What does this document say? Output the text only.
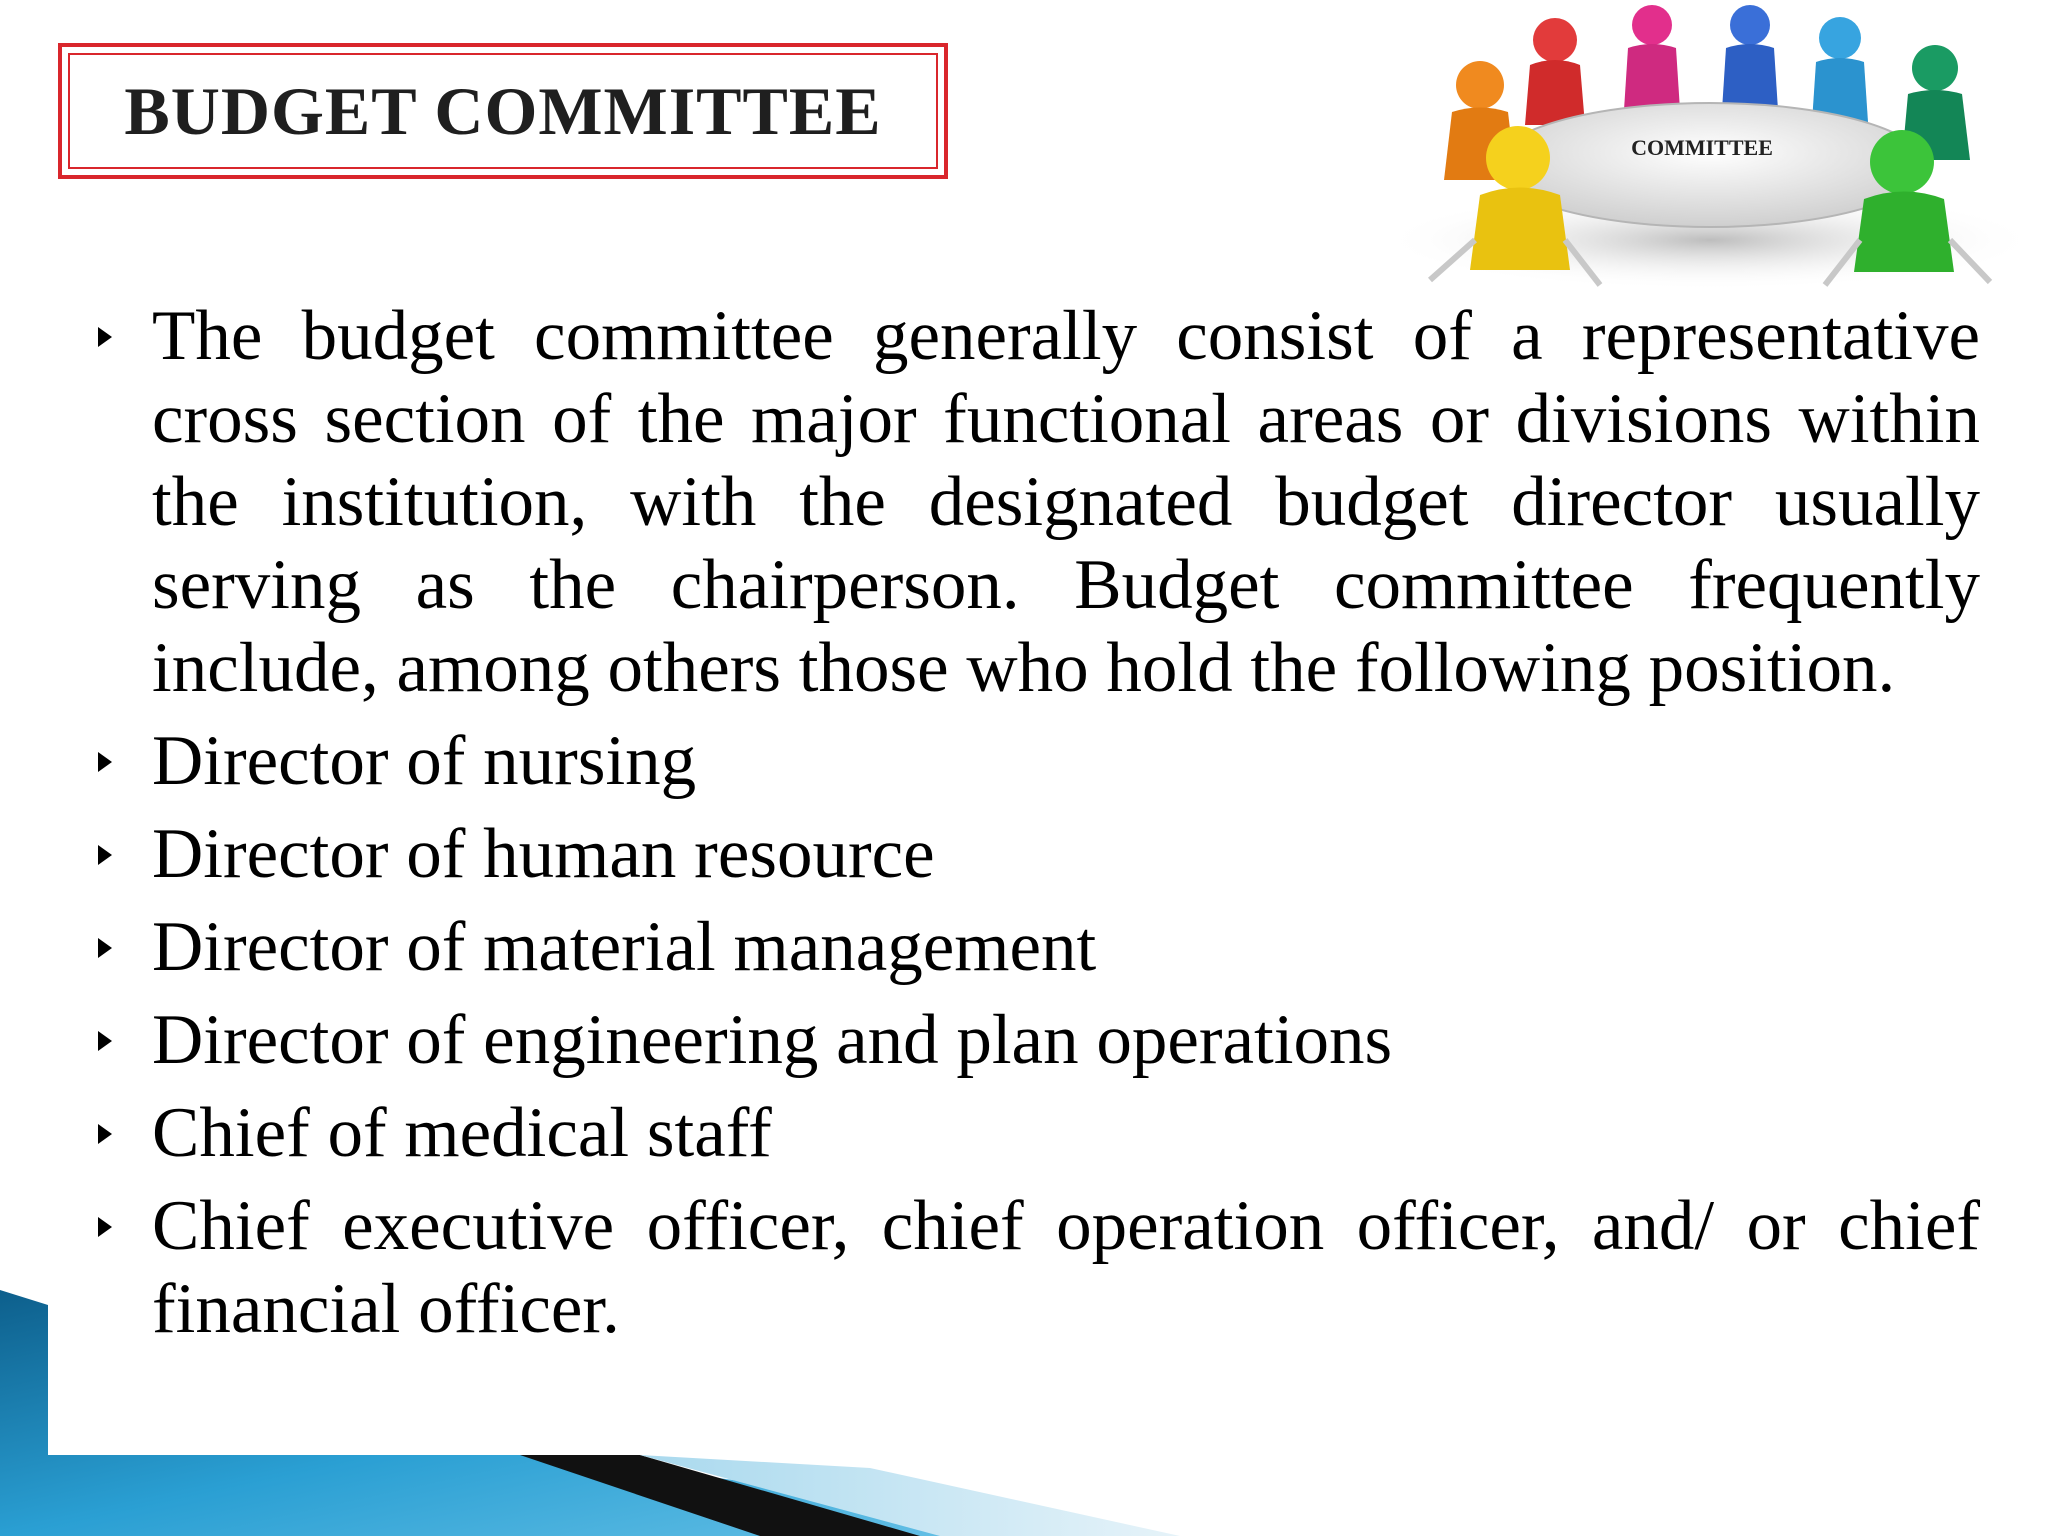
BUDGET COMMITTEE	COMMITTEE
The budget committee generally consist of a representative cross section of the major functional areas or divisions within the institution, with the designated budget director usually serving as the chairperson. Budget committee frequently include, among others those who hold the following position.
Director of nursing
Director of human resource
Director of material management
Director of engineering and plan operations
Chief of medical staff
Chief executive officer, chief operation officer, and/ or chief financial officer.
